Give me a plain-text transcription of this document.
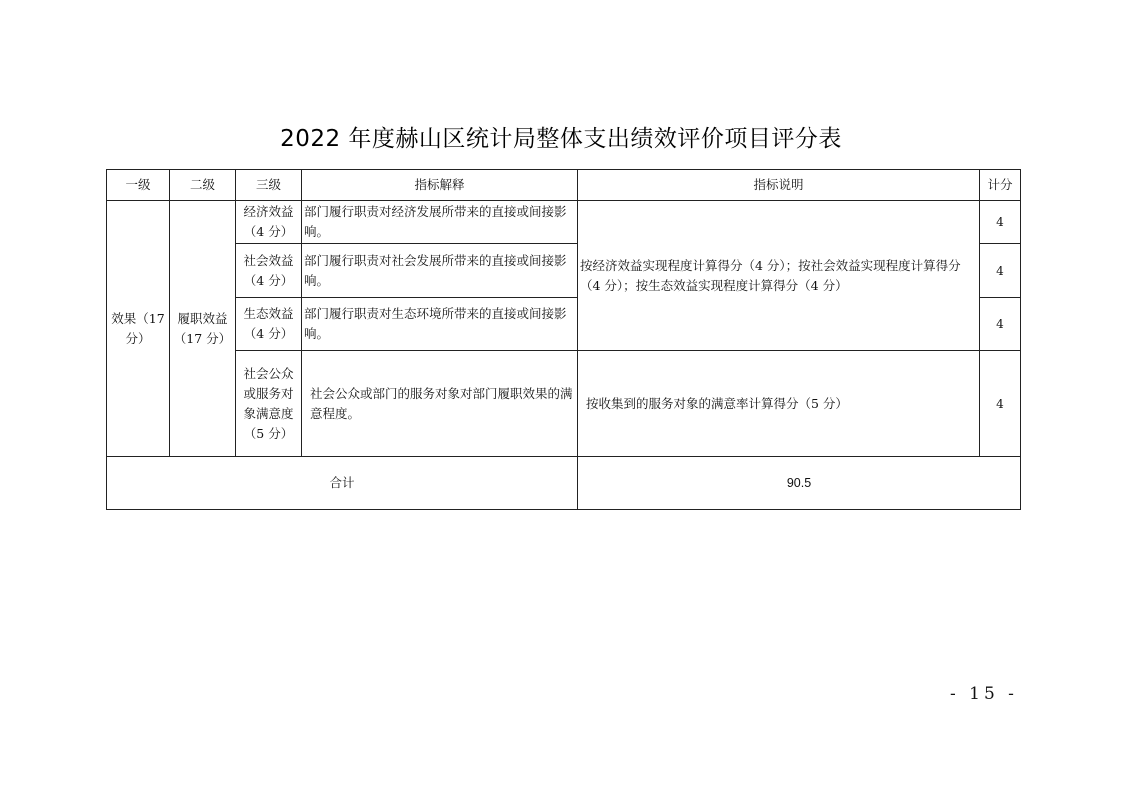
2022 年度赫山区统计局整体支出绩效评价项目评分表
一级	二级	三级	指标解释	指标说明	计分
效果（17 分）	履职效益（17 分）	经济效益（4 分）	部门履行职责对经济发展所带来的直接或间接影响。	按经济效益实现程度计算得分（4 分）；按社会效益实现程度计算得分（4 分）；按生态效益实现程度计算得分（4 分）	4
		社会效益（4 分）	部门履行职责对社会发展所带来的直接或间接影响。		4
		生态效益（4 分）	部门履行职责对生态环境所带来的直接或间接影响。		4
		社会公众或服务对象满意度（5 分）	社会公众或部门的服务对象对部门履职效果的满意程度。	按收集到的服务对象的满意率计算得分（5 分）	4
合计				90.5	
- 15 -
